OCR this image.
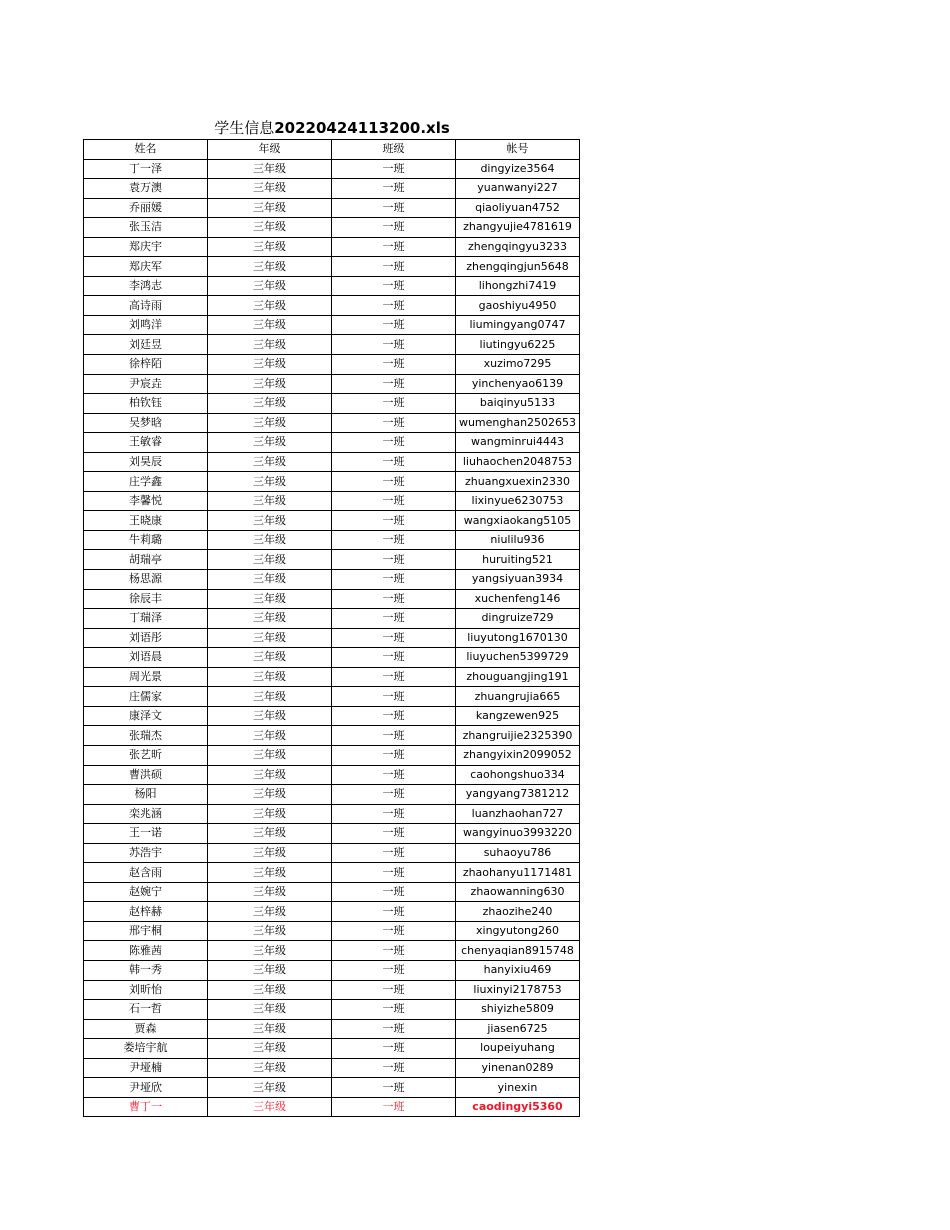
学生信息20220424113200.xls
姓名	年级	班级	帐号
丁一泽	三年级	一班	dingyize3564
袁万澳	三年级	一班	yuanwanyi227
乔丽媛	三年级	一班	qiaoliyuan4752
张玉洁	三年级	一班	zhangyujie4781619
郑庆宇	三年级	一班	zhengqingyu3233
郑庆军	三年级	一班	zhengqingjun5648
李鸿志	三年级	一班	lihongzhi7419
高诗雨	三年级	一班	gaoshiyu4950
刘鸣洋	三年级	一班	liumingyang0747
刘廷昱	三年级	一班	liutingyu6225
徐梓陌	三年级	一班	xuzimo7295
尹宸垚	三年级	一班	yinchenyao6139
柏钦钰	三年级	一班	baiqinyu5133
吴梦晗	三年级	一班	wumenghan2502653
王敏睿	三年级	一班	wangminrui4443
刘昊辰	三年级	一班	liuhaochen2048753
庄学鑫	三年级	一班	zhuangxuexin2330
李馨悦	三年级	一班	lixinyue6230753
王晓康	三年级	一班	wangxiaokang5105
牛莉璐	三年级	一班	niulilu936
胡瑞亭	三年级	一班	huruiting521
杨思源	三年级	一班	yangsiyuan3934
徐辰丰	三年级	一班	xuchenfeng146
丁瑞泽	三年级	一班	dingruize729
刘语彤	三年级	一班	liuyutong1670130
刘语晨	三年级	一班	liuyuchen5399729
周光景	三年级	一班	zhouguangjing191
庄儒家	三年级	一班	zhuangrujia665
康泽文	三年级	一班	kangzewen925
张瑞杰	三年级	一班	zhangruijie2325390
张艺昕	三年级	一班	zhangyixin2099052
曹洪硕	三年级	一班	caohongshuo334
杨阳	三年级	一班	yangyang7381212
栾兆涵	三年级	一班	luanzhaohan727
王一诺	三年级	一班	wangyinuo3993220
苏浩宇	三年级	一班	suhaoyu786
赵含雨	三年级	一班	zhaohanyu1171481
赵婉宁	三年级	一班	zhaowanning630
赵梓赫	三年级	一班	zhaozihe240
邢宇桐	三年级	一班	xingyutong260
陈雅茜	三年级	一班	chenyaqian8915748
韩一秀	三年级	一班	hanyixiu469
刘昕怡	三年级	一班	liuxinyi2178753
石一哲	三年级	一班	shiyizhe5809
贾森	三年级	一班	jiasen6725
娄培宇航	三年级	一班	loupeiyuhang
尹垭楠	三年级	一班	yinenan0289
尹垭欣	三年级	一班	yinexin
曹丁一	三年级	一班	caodingyi5360
